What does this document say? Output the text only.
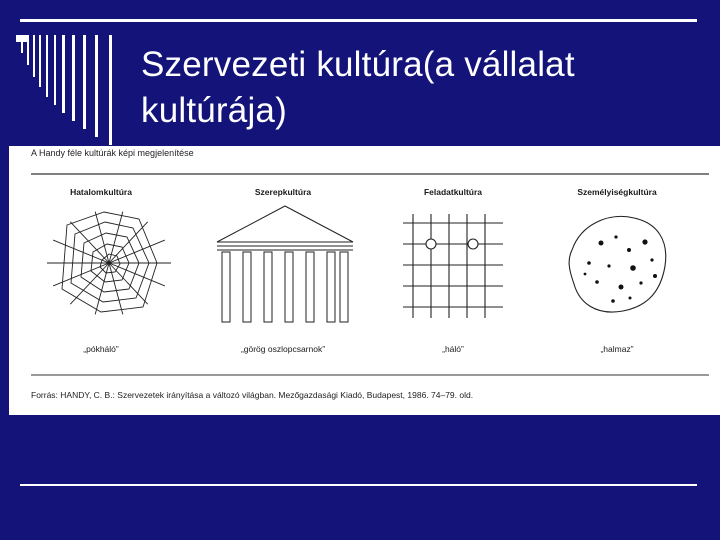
Szervezeti kultúra(a vállalat
kultúrája)

A Handy féle kultúrák képi megjelenítése

Hatalomkultúra	Szerepkultúra	Feladatkultúra	Személyiségkultúra
„pókháló”	„görög oszlopcsarnok”	„háló”	„halmaz”

Forrás: HANDY, C. B.: Szervezetek irányítása a változó világban. Mezőgazdasági Kiadó, Budapest, 1986. 74–79. old.
